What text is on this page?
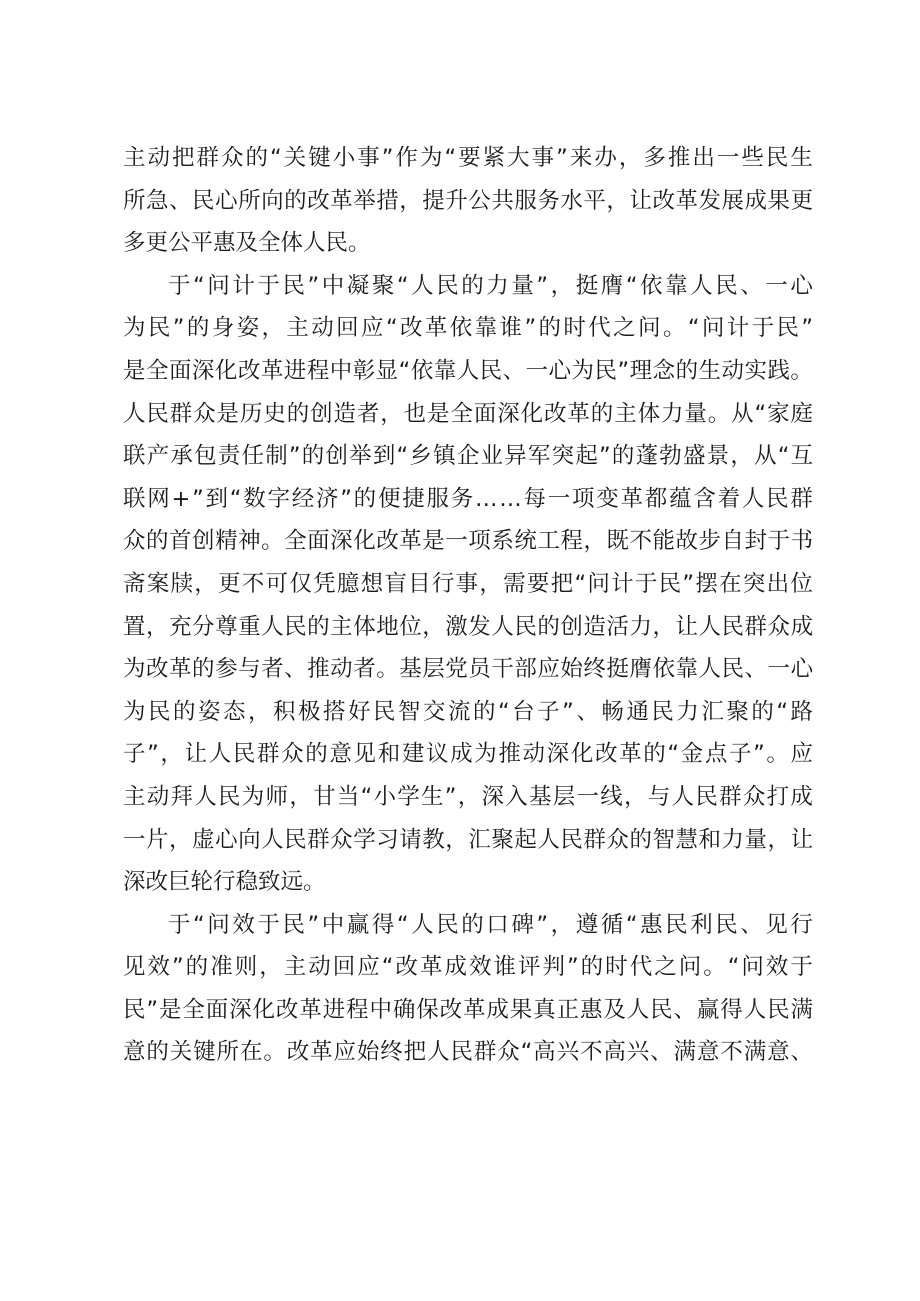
主动把群众的“关键小事”作为“要紧大事”来办，多推出一些民生
所急、民心所向的改革举措，提升公共服务水平，让改革发展成果更
多更公平惠及全体人民。
于“问计于民”中凝聚“人民的力量”，挺膺“依靠人民、一心
为民”的身姿，主动回应“改革依靠谁”的时代之问。“问计于民”
是全面深化改革进程中彰显“依靠人民、一心为民”理念的生动实践。
人民群众是历史的创造者，也是全面深化改革的主体力量。从“家庭
联产承包责任制”的创举到“乡镇企业异军突起”的蓬勃盛景，从“互
联网+”到“数字经济”的便捷服务……每一项变革都蕴含着人民群
众的首创精神。全面深化改革是一项系统工程，既不能故步自封于书
斋案牍，更不可仅凭臆想盲目行事，需要把“问计于民”摆在突出位
置，充分尊重人民的主体地位，激发人民的创造活力，让人民群众成
为改革的参与者、推动者。基层党员干部应始终挺膺依靠人民、一心
为民的姿态，积极搭好民智交流的“台子”、畅通民力汇聚的“路
子”，让人民群众的意见和建议成为推动深化改革的“金点子”。应
主动拜人民为师，甘当“小学生”，深入基层一线，与人民群众打成
一片，虚心向人民群众学习请教，汇聚起人民群众的智慧和力量，让
深改巨轮行稳致远。
于“问效于民”中赢得“人民的口碑”，遵循“惠民利民、见行
见效”的准则，主动回应“改革成效谁评判”的时代之问。“问效于
民”是全面深化改革进程中确保改革成果真正惠及人民、赢得人民满
意的关键所在。改革应始终把人民群众“高兴不高兴、满意不满意、
